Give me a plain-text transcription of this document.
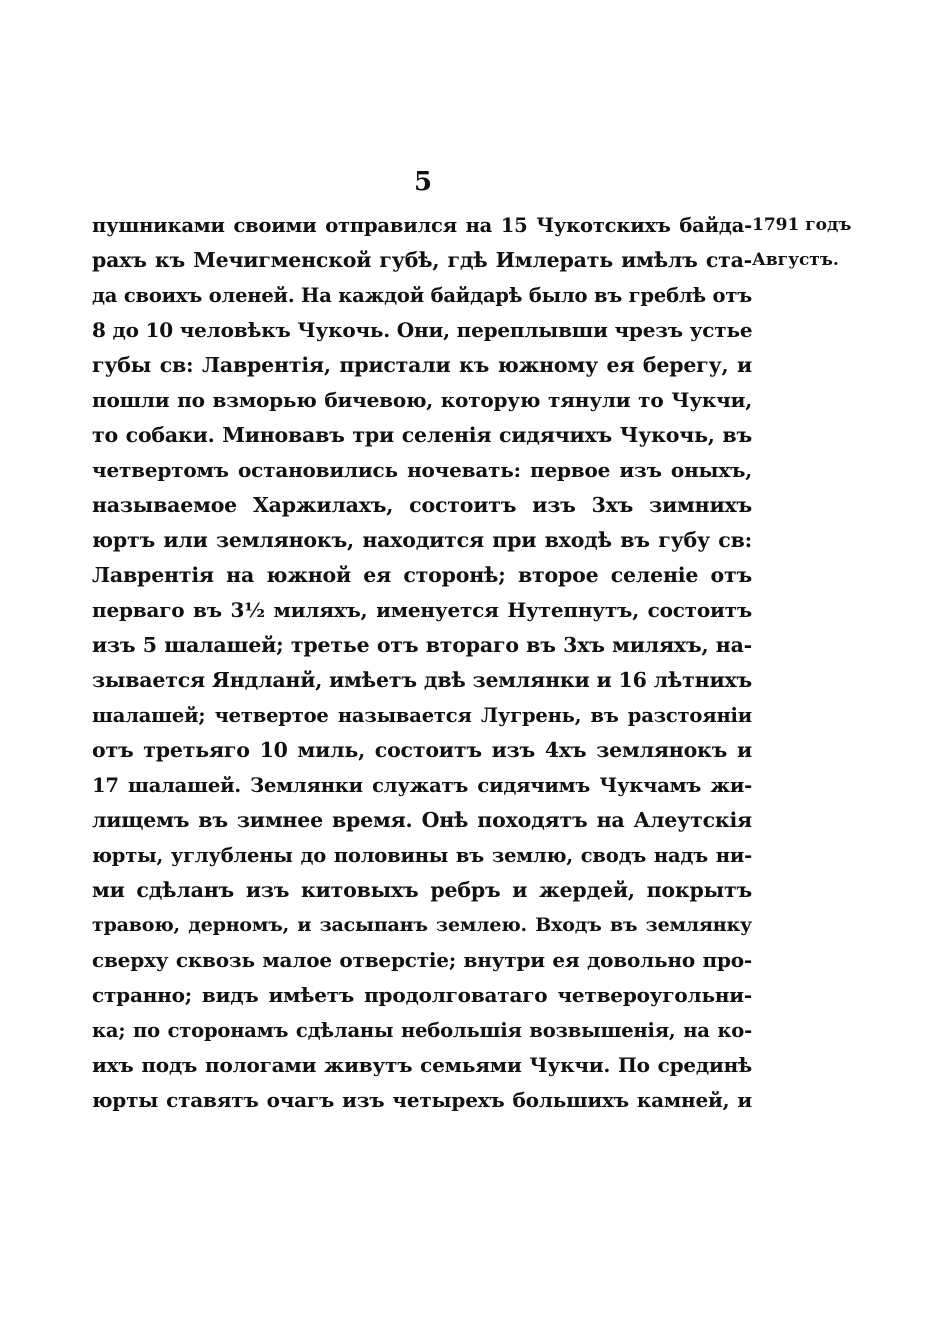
5
пушниками своими отправился на 15 Чукотскихъ байда-
рахъ къ Мечигменской губѣ, гдѣ Имлерать имѣлъ ста-
да своихъ оленей. На каждой байдарѣ было въ греблѣ отъ
8 до 10 человѣкъ Чукочь. Они, переплывши чрезъ устье
губы св: Лаврентія, пристали къ южному ея берегу, и
пошли по взморью бичевою, которую тянули то Чукчи,
то собаки. Миновавъ три селенія сидячихъ Чукочь, въ
четвертомъ остановились ночевать: первое изъ оныхъ,
называемое Харжилахъ, состоитъ изъ 3хъ зимнихъ
юртъ или землянокъ, находится при входѣ въ губу св:
Лаврентія на южной ея сторонѣ; второе селеніе отъ
перваго въ 3½ миляхъ, именуется Нутепнутъ, состоитъ
изъ 5 шалашей; третье отъ втораго въ 3хъ миляхъ, на-
зывается Яндланй, имѣетъ двѣ землянки и 16 лѣтнихъ
шалашей; четвертое называется Лугрень, въ разстояніи
отъ третьяго 10 миль, состоитъ изъ 4хъ землянокъ и
17 шалашей. Землянки служатъ сидячимъ Чукчамъ жи-
лищемъ въ зимнее время. Онѣ походятъ на Алеутскія
юрты, углублены до половины въ землю, сводъ надъ ни-
ми сдѣланъ изъ китовыхъ ребръ и жердей, покрытъ
травою, дерномъ, и засыпанъ землею. Входъ въ землянку
сверху сквозь малое отверстіе; внутри ея довольно про-
странно; видъ имѣетъ продолговатаго четвероугольни-
ка; по сторонамъ сдѣланы небольшія возвышенія, на ко-
ихъ подъ пологами живутъ семьями Чукчи. По срединѣ
юрты ставятъ очагъ изъ четырехъ большихъ камней, и
1791 годъ
Августъ.
